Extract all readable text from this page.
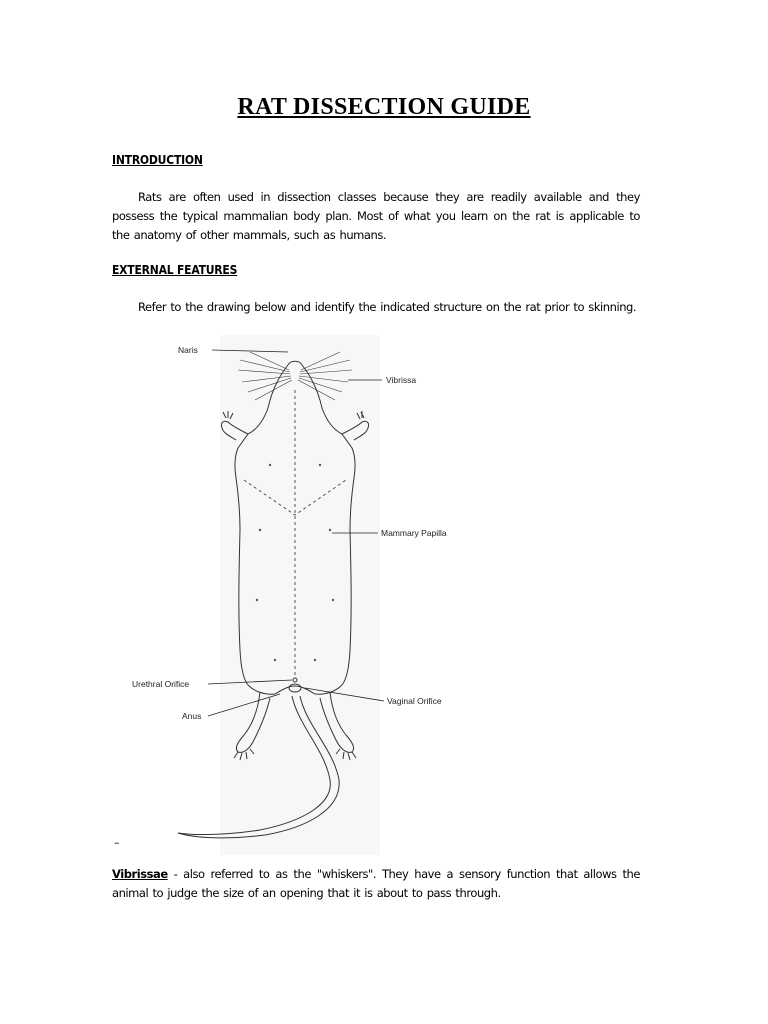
RAT DISSECTION GUIDE
INTRODUCTION
Rats are often used in dissection classes because they are readily available and they possess the typical mammalian body plan. Most of what you learn on the rat is applicable to the anatomy of other mammals, such as humans.
EXTERNAL FEATURES
Refer to the drawing below and identify the indicated structure on the rat prior to skinning.
Naris
Vibrissa
Mammary Papilla
Urethral Orifice
Vaginal Orifice
Anus
–
Vibrissae - also referred to as the "whiskers". They have a sensory function that allows the animal to judge the size of an opening that it is about to pass through.
